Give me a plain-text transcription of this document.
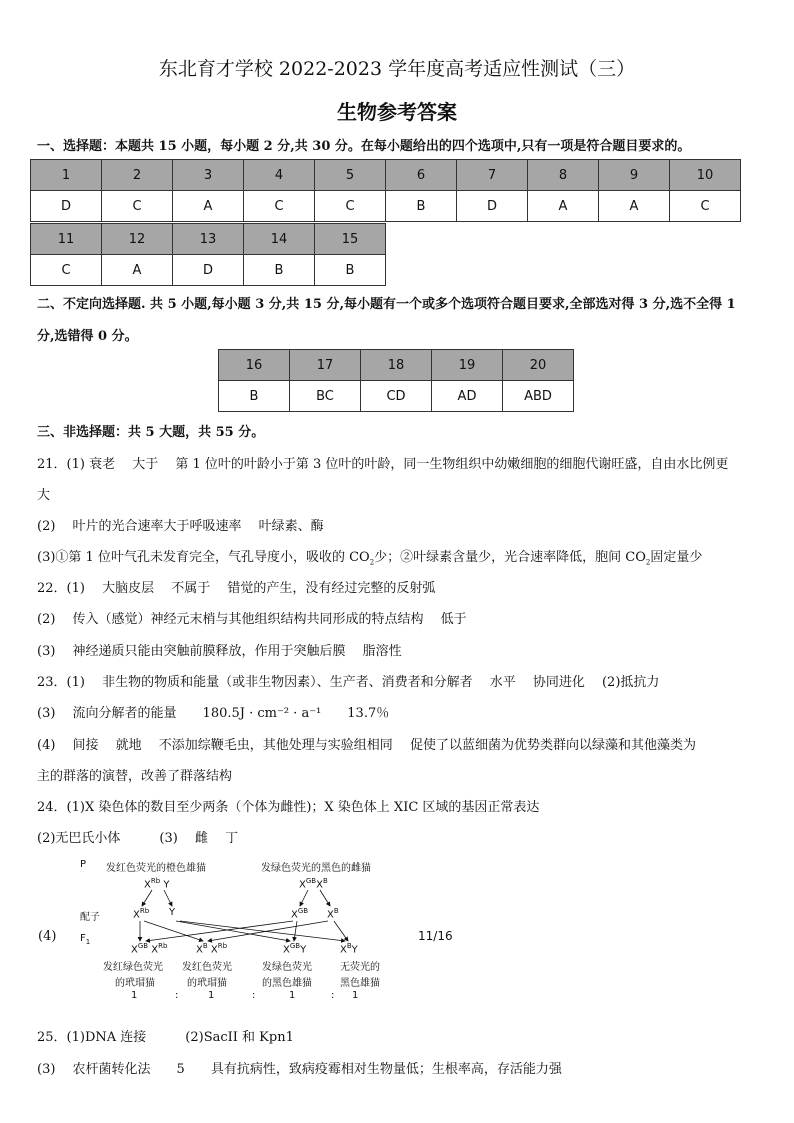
东北育才学校 2022-2023 学年度高考适应性测试（三）
生物参考答案
一、选择题：本题共 15 小题，每小题 2 分,共 30 分。在每小题给出的四个选项中,只有一项是符合题目要求的。
1	2	3	4	5	6	7	8	9	10
D	C	A	C	C	B	D	A	A	C
11	12	13	14	15
C	A	D	B	B
二、不定向选择题. 共 5 小题,每小题 3 分,共 15 分,每小题有一个或多个选项符合题目要求,全部选对得 3 分,选不全得 1
分,选错得 0 分。
16	17	18	19	20
B	BC	CD	AD	ABD
三、非选择题：共 5 大题，共 55 分。
21．(1) 衰老　 大于　 第 1 位叶的叶龄小于第 3 位叶的叶龄，同一生物组织中幼嫩细胞的细胞代谢旺盛，自由水比例更
大
(2)　 叶片的光合速率大于呼吸速率　 叶绿素、酶
(3)①第 1 位叶气孔未发育完全，气孔导度小，吸收的 $CO_2$少；②叶绿素含量少，光合速率降低，胞间 $CO_2$固定量少
22．(1)　 大脑皮层　 不属于　 错觉的产生，没有经过完整的反射弧
(2)　 传入（感觉）神经元末梢与其他组织结构共同形成的特点结构　 低于
(3)　 神经递质只能由突触前膜释放，作用于突触后膜　 脂溶性
23．(1)　 非生物的物质和能量（或非生物因素）、生产者、消费者和分解者　 水平　 协同进化　 (2)抵抗力
(3)　 流向分解者的能量　　180.5J · cm⁻² · a⁻¹　　13.7％
(4)　 间接　 就地　 不添加综鞭毛虫，其他处理与实验组相同　 促使了以蓝细菌为优势类群向以绿藻和其他藻类为
主的群落的演替，改善了群落结构
24．(1)X 染色体的数目至少两条（个体为雌性)；X 染色体上 XIC 区域的基因正常表达
(2)无巴氏小体　　　(3)　 雌　 丁
P 发红色荧光的橙色雄猫	发绿色荧光的黑色的雌猫
$X^{Rb}$ Y	$X^{GB}X^B$
配子	$X^{Rb}$ Y	$X^{GB}$ $X^B$
(4) $F_1$	11/16
$X^{GB}$ $X^{Rb}$	$X^B$ $X^{Rb}$	$X^{GB}Y$	$X^BY$
发红绿色荧光
的玳瑁猫
发红色荧光
的玳瑁猫
发绿色荧光
的黑色雄猫
无荧光的
黑色雄猫
1	:	1	:	1	: 1
25．(1)DNA 连接　　　(2)SacII 和 Kpn1
(3)　 农杆菌转化法　　5　　具有抗病性，致病疫霉相对生物量低；生根率高，存活能力强
